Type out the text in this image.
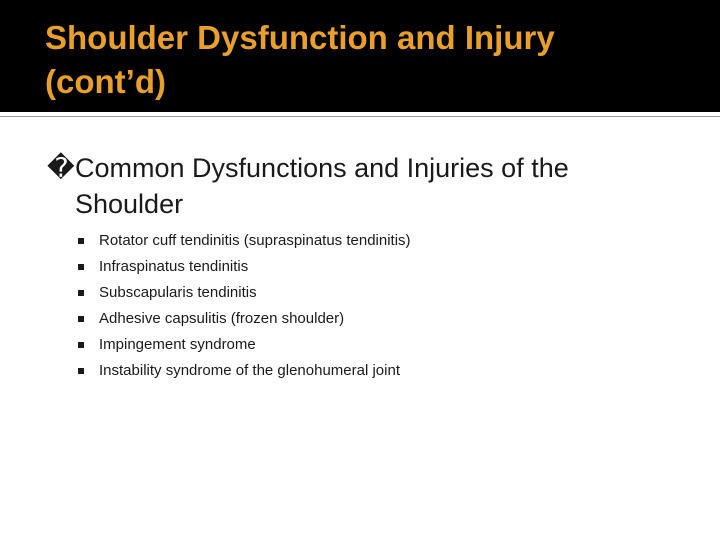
Shoulder Dysfunction and Injury
(cont’d)
�Common Dysfunctions and Injuries of the
Shoulder
Rotator cuff tendinitis (supraspinatus tendinitis)
Infraspinatus tendinitis
Subscapularis tendinitis
Adhesive capsulitis (frozen shoulder)
Impingement syndrome
Instability syndrome of the glenohumeral joint
